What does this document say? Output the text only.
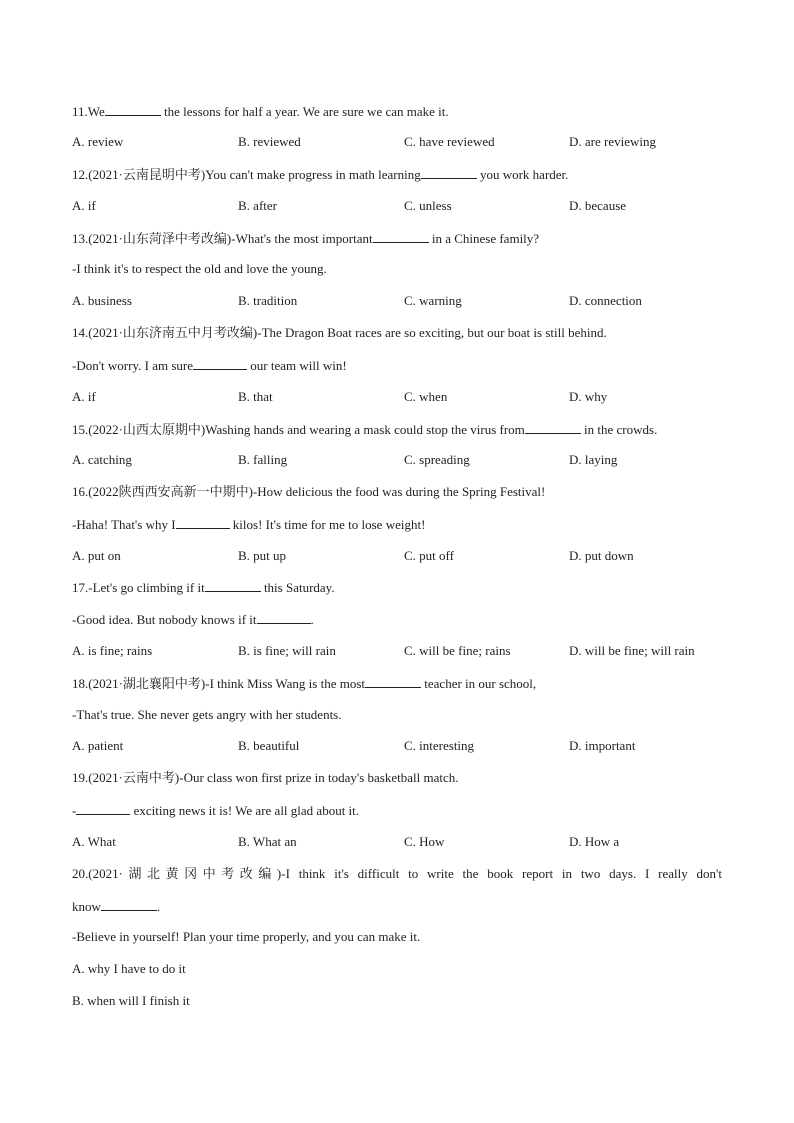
11.We	the lessons for half a year. We are sure we can make it.
A. review	B. reviewed	C. have reviewed	D. are reviewing
12.(2021·云南昆明中考)You can't make progress in math learning	you work harder.
A. if	B. after	C. unless	D. because
13.(2021·山东菏泽中考改编)-What's the most important	in a Chinese family?
-I think it's to respect the old and love the young.
A. business	B. tradition	C. warning	D. connection
14.(2021·山东济南五中月考改编)-The Dragon Boat races are so exciting, but our boat is still behind.
-Don't worry. I am sure	our team will win!
A. if	B. that	C. when	D. why
15.(2022·山西太原期中)Washing hands and wearing a mask could stop the virus from	in the crowds.
A. catching	B. falling	C. spreading	D. laying
16.(2022陕西西安高新一中期中)-How delicious the food was during the Spring Festival!
-Haha! That's why I	kilos! It's time for me to lose weight!
A. put on	B. put up	C. put off	D. put down
17.-Let's go climbing if it	this Saturday.
-Good idea. But nobody knows if it	.
A. is fine; rains	B. is fine; will rain	C. will be fine; rains	D. will be fine; will rain
18.(2021·湖北襄阳中考)-I think Miss Wang is the most	teacher in our school,
-That's true. She never gets angry with her students.
A. patient	B. beautiful	C. interesting	D. important
19.(2021·云南中考)-Our class won first prize in today's basketball match.
-	exciting news it is! We are all glad about it.
A. What	B. What an	C. How	D. How a
20.(2021·湖北黄冈中考改编)-I think it's difficult to write the book report in two days. I really don't
know	.
-Believe in yourself! Plan your time properly, and you can make it.
A. why I have to do it
B. when will I finish it
